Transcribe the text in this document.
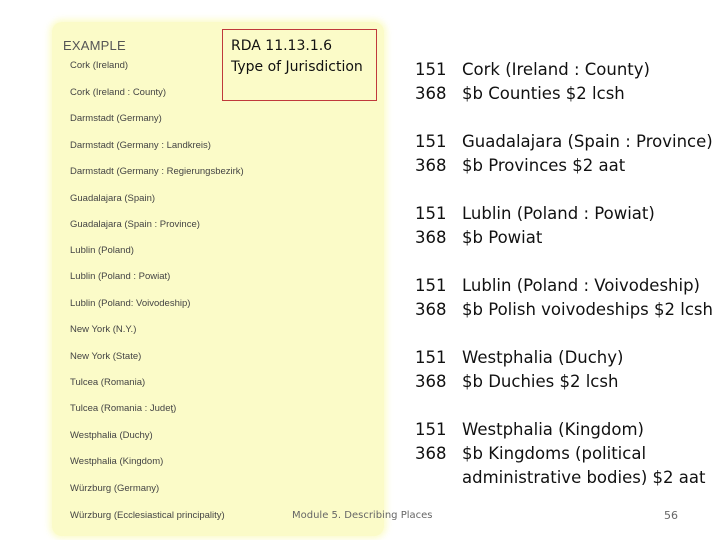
EXAMPLE
Cork (Ireland)
Cork (Ireland : County)
Darmstadt (Germany)
Darmstadt (Germany : Landkreis)
Darmstadt (Germany : Regierungsbezirk)
Guadalajara (Spain)
Guadalajara (Spain : Province)
Lublin (Poland)
Lublin (Poland : Powiat)
Lublin (Poland: Voivodeship)
New York (N.Y.)
New York (State)
Tulcea (Romania)
Tulcea (Romania : Judeţ)
Westphalia (Duchy)
Westphalia (Kingdom)
Würzburg (Germany)
Würzburg (Ecclesiastical principality)
RDA 11.13.1.6
Type of Jurisdiction	151 Cork (Ireland : County)
368 $b Counties $2 lcsh
151 Guadalajara (Spain : Province)
368 $b Provinces $2 aat
151 Lublin (Poland : Powiat)
368 $b Powiat
151 Lublin (Poland : Voivodeship)
368 $b Polish voivodeships $2 lcsh
151 Westphalia (Duchy)
368 $b Duchies $2 lcsh
151 Westphalia (Kingdom)
368 $b Kingdoms (political
administrative bodies) $2 aat
Module 5. Describing Places	56
